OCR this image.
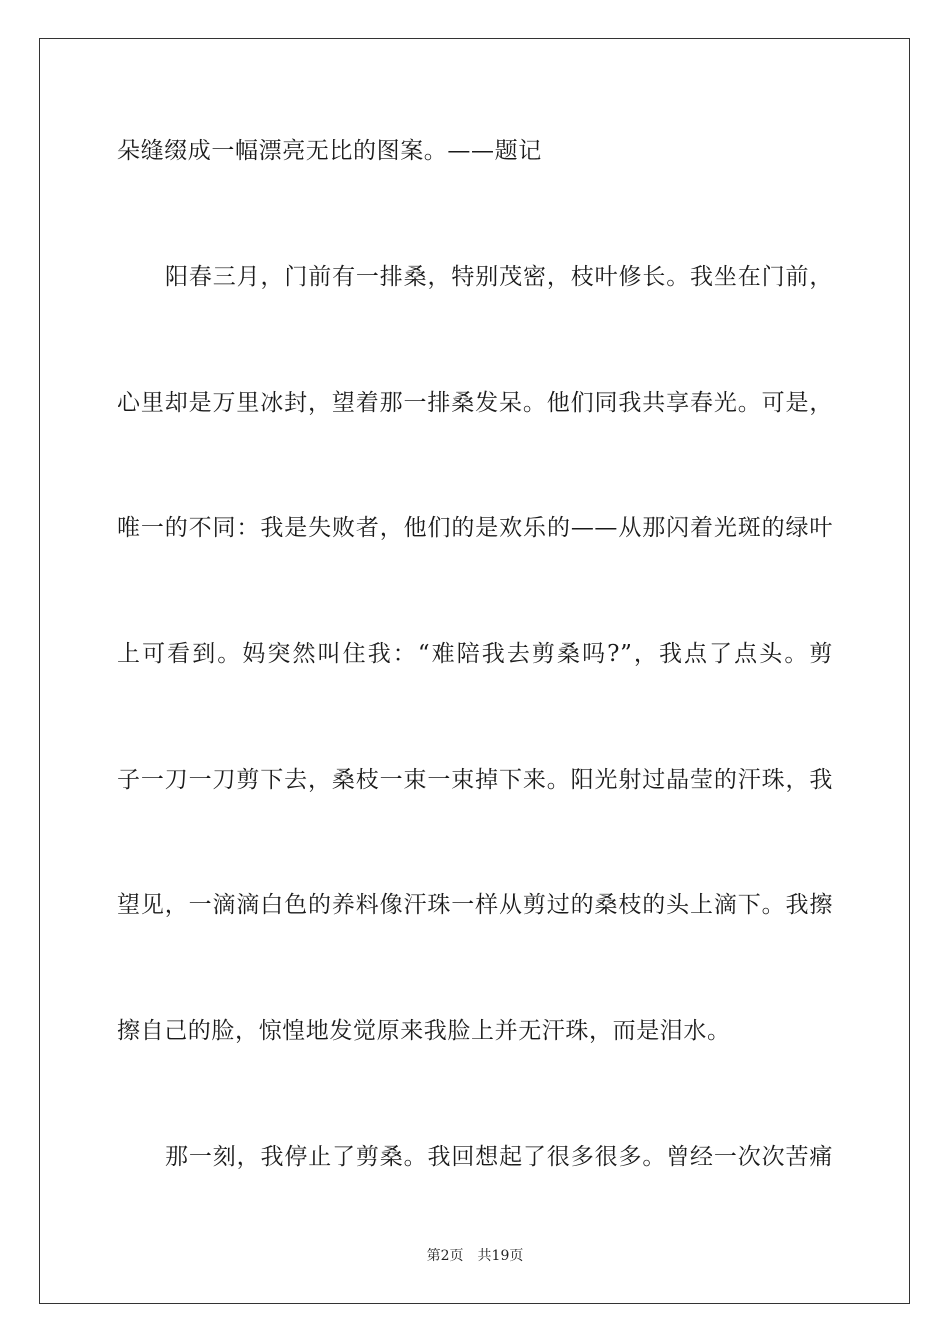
朵缝缀成一幅漂亮无比的图案。——题记
阳春三月，门前有一排桑，特别茂密，枝叶修长。我坐在门前，
心里却是万里冰封，望着那一排桑发呆。他们同我共享春光。可是，
唯一的不同：我是失败者，他们的是欢乐的——从那闪着光斑的绿叶
上可看到。妈突然叫住我：“难陪我去剪桑吗?”，我点了点头。剪
子一刀一刀剪下去，桑枝一束一束掉下来。阳光射过晶莹的汗珠，我
望见，一滴滴白色的养料像汗珠一样从剪过的桑枝的头上滴下。我擦
擦自己的脸，惊惶地发觉原来我脸上并无汗珠，而是泪水。
那一刻，我停止了剪桑。我回想起了很多很多。曾经一次次苦痛
第2页　共19页
